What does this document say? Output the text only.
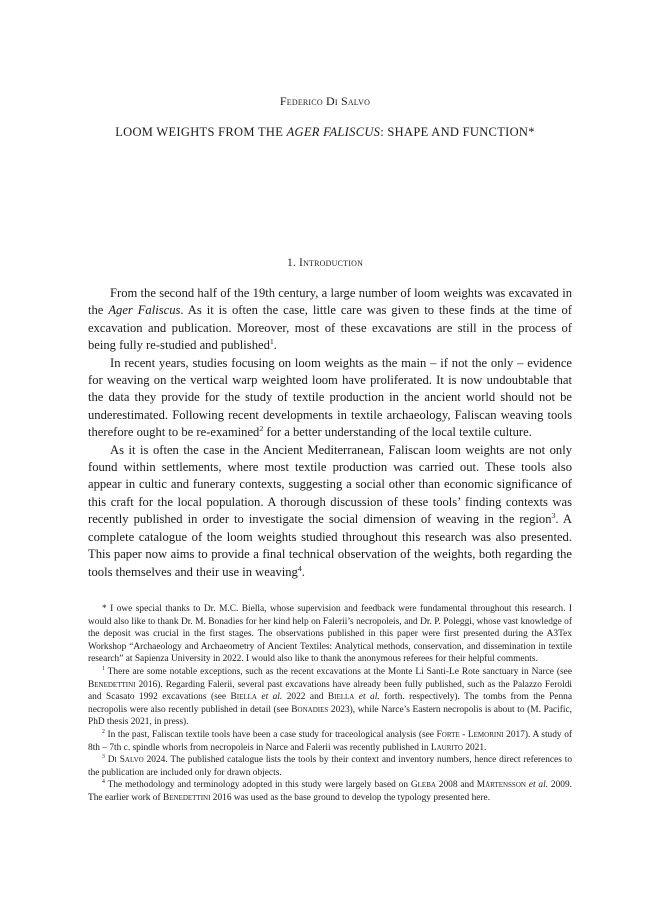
Federico Di Salvo
LOOM WEIGHTS FROM THE AGER FALISCUS: SHAPE AND FUNCTION*
1. Introduction

From the second half of the 19th century, a large number of loom weights was excavated in the Ager Faliscus. As it is often the case, little care was given to these finds at the time of excavation and publication. Moreover, most of these excavations are still in the process of being fully re-studied and published$^1$.

In recent years, studies focusing on loom weights as the main – if not the only – evidence for weaving on the vertical warp weighted loom have proliferated. It is now undoubtable that the data they provide for the study of textile production in the ancient world should not be underestimated. Following recent developments in textile archaeology, Faliscan weaving tools therefore ought to be re-examined$^2$ for a better understanding of the local textile culture.

As it is often the case in the Ancient Mediterranean, Faliscan loom weights are not only found within settlements, where most textile production was carried out. These tools also appear in cultic and funerary contexts, suggesting a social other than economic significance of this craft for the local population. A thorough discussion of these tools’ finding contexts was recently published in order to investigate the social dimension of weaving in the region$^3$. A complete catalogue of the loom weights studied throughout this research was also presented. This paper now aims to provide a final technical observation of the weights, both regarding the tools themselves and their use in weaving$^4$.

* I owe special thanks to Dr. M.C. Biella, whose supervision and feedback were fundamental throughout this research. I would also like to thank Dr. M. Bonadies for her kind help on Falerii’s necropoleis, and Dr. P. Poleggi, whose vast knowledge of the deposit was crucial in the first stages. The observations published in this paper were first presented during the A3Tex Workshop “Archaeology and Archaeometry of Ancient Textiles: Analytical methods, conservation, and dissemination in textile research” at Sapienza University in 2022. I would also like to thank the anonymous referees for their helpful comments.

$^1$ There are some notable exceptions, such as the recent excavations at the Monte Li Santi-Le Rote sanctuary in Narce (see Benedettini 2016). Regarding Falerii, several past excavations have already been fully published, such as the Palazzo Feroldi and Scasato 1992 excavations (see Biella et al. 2022 and Biella et al. forth. respectively). The tombs from the Penna necropolis were also recently published in detail (see Bonadies 2023), while Narce’s Eastern necropolis is about to (M. Pacific, PhD thesis 2021, in press).

$^2$ In the past, Faliscan textile tools have been a case study for traceological analysis (see Forte - Lemorini 2017). A study of 8th – 7th c. spindle whorls from necropoleis in Narce and Falerii was recently published in Laurito 2021.

$^3$ Di Salvo 2024. The published catalogue lists the tools by their context and inventory numbers, hence direct references to the publication are included only for drawn objects.

$^4$ The methodology and terminology adopted in this study were largely based on Gleba 2008 and Mårtensson et al. 2009. The earlier work of Benedettini 2016 was used as the base ground to develop the typology presented here.
